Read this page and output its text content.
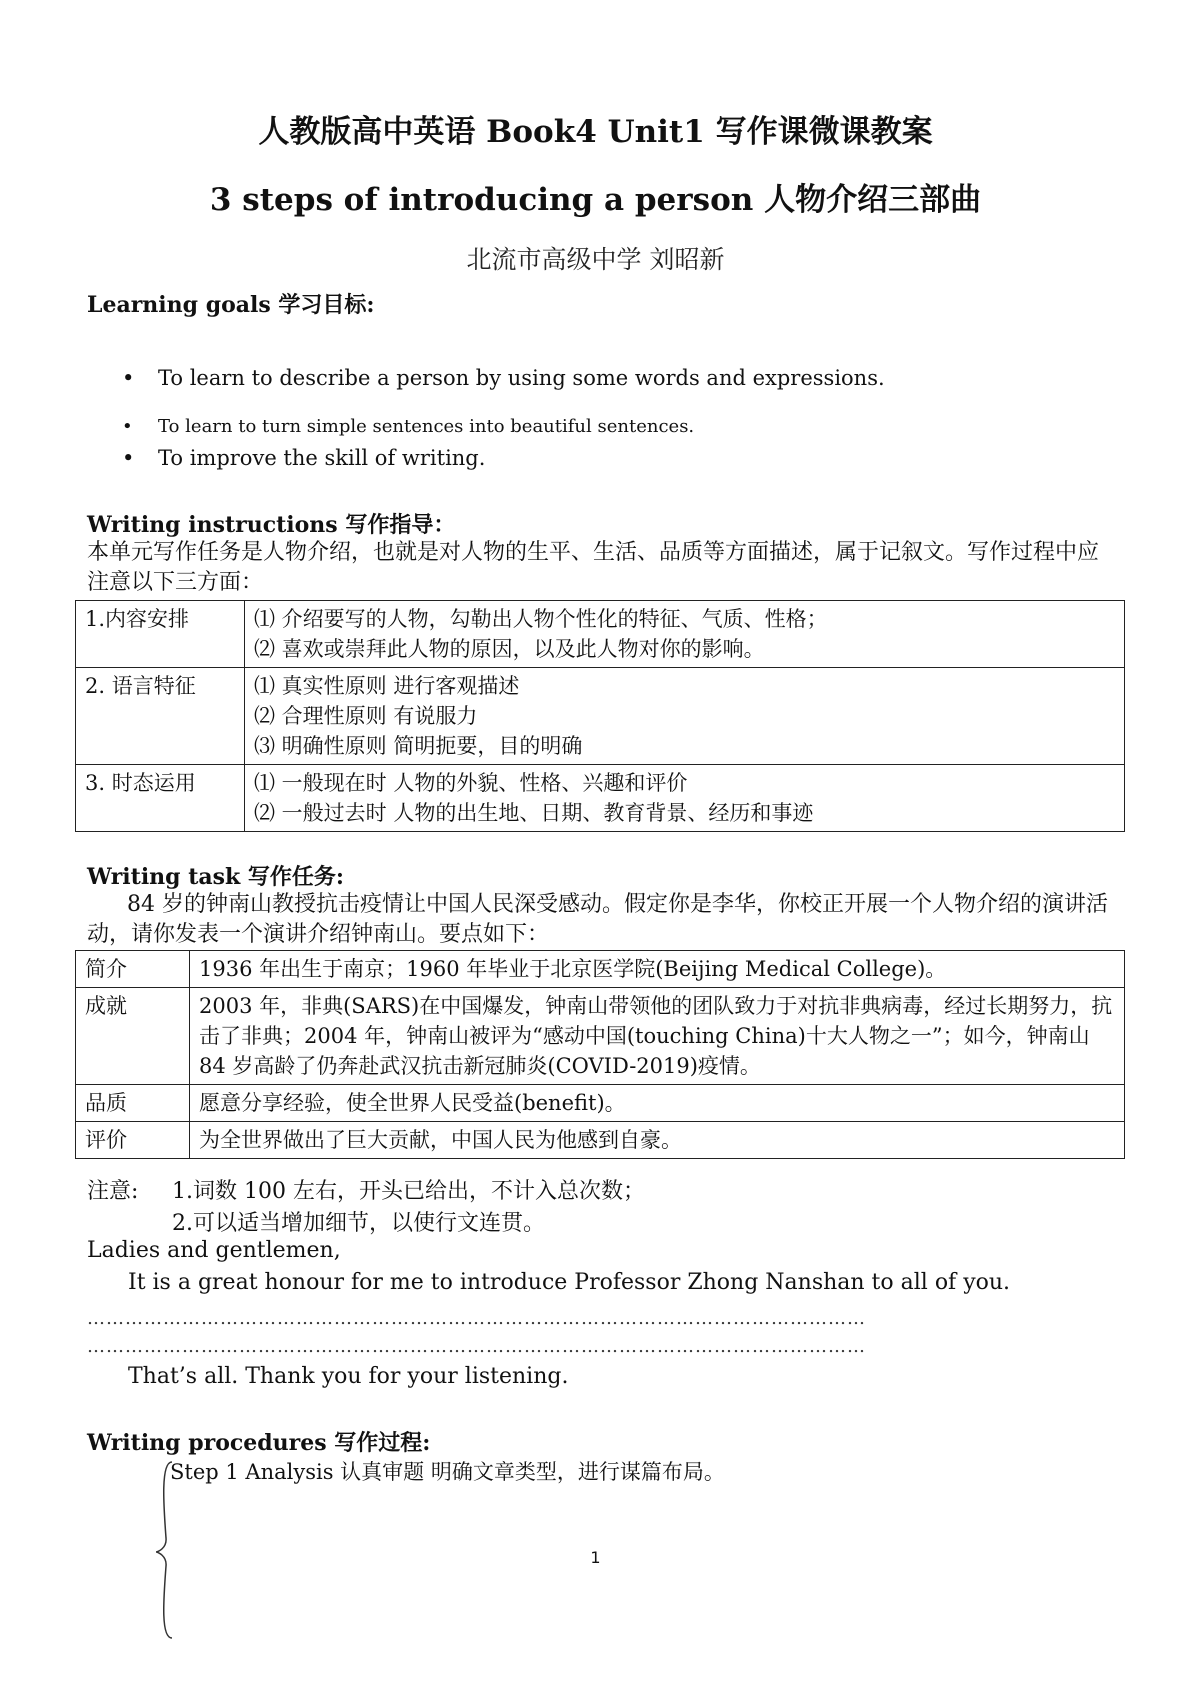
人教版高中英语 Book4 Unit1 写作课微课教案
3 steps of introducing a person 人物介绍三部曲
北流市高级中学 刘昭新
Learning goals 学习目标:
• To learn to describe a person by using some words and expressions.
• To learn to turn simple sentences into beautiful sentences.
• To improve the skill of writing.
Writing instructions 写作指导：
本单元写作任务是人物介绍，也就是对人物的生平、生活、品质等方面描述，属于记叙文。写作过程中应注意以下三方面：
1.内容安排	⑴ 介绍要写的人物，勾勒出人物个性化的特征、气质、性格；
⑵ 喜欢或崇拜此人物的原因，以及此人物对你的影响。

2. 语言特征	⑴ 真实性原则 进行客观描述
⑵ 合理性原则 有说服力
⑶ 明确性原则 简明扼要，目的明确

3. 时态运用	⑴ 一般现在时 人物的外貌、性格、兴趣和评价
⑵ 一般过去时 人物的出生地、日期、教育背景、经历和事迹
Writing task 写作任务:
84 岁的钟南山教授抗击疫情让中国人民深受感动。假定你是李华，你校正开展一个人物介绍的演讲活动，请你发表一个演讲介绍钟南山。要点如下：
简介	1936 年出生于南京；1960 年毕业于北京医学院(Beijing Medical College)。
成就	2003 年，非典(SARS)在中国爆发，钟南山带领他的团队致力于对抗非典病毒，经过长期努力，抗击了非典；2004 年，钟南山被评为“感动中国(touching China)十大人物之一”；如今，钟南山 84 岁高龄了仍奔赴武汉抗击新冠肺炎(COVID-2019)疫情。
品质	愿意分享经验，使全世界人民受益(benefit)。
评价	为全世界做出了巨大贡献，中国人民为他感到自豪。
注意: 1.词数 100 左右，开头已给出，不计入总次数；
2.可以适当增加细节，以使行文连贯。
Ladies and gentlemen,
It is a great honour for me to introduce Professor Zhong Nanshan to all of you.
……………………………………………………………………………………………………………
……………………………………………………………………………………………………………
That’s all. Thank you for your listening.
Writing procedures 写作过程:
Step 1 Analysis 认真审题 明确文章类型，进行谋篇布局。
1
